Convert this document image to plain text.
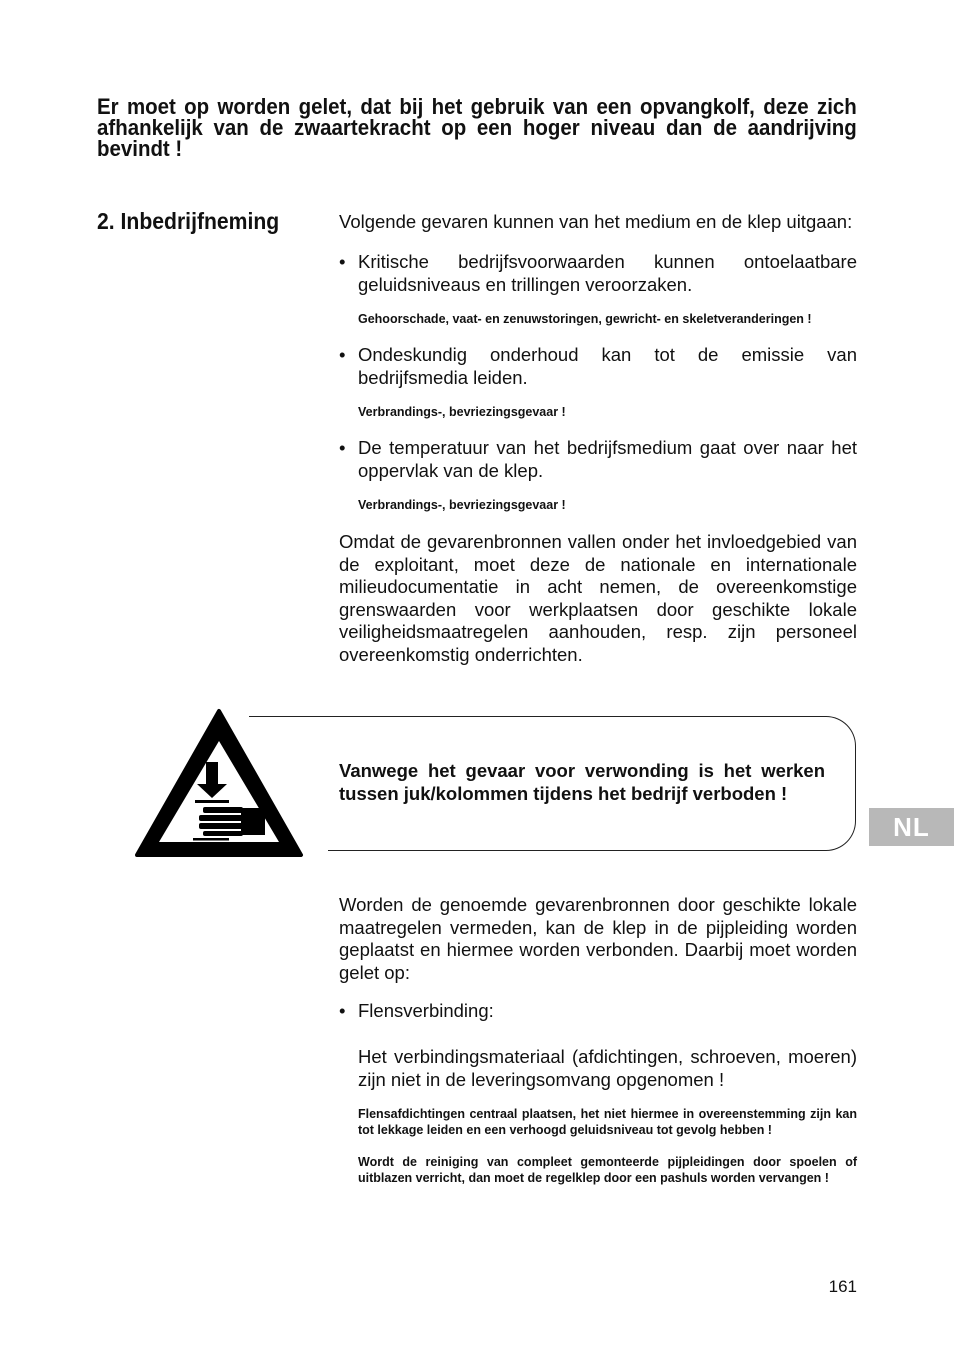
Er moet op worden gelet, dat bij het gebruik van een opvangkolf, deze zich afhankelijk van de zwaartekracht op een hoger niveau dan de aandrijving bevindt !
2. Inbedrijfneming	Volgende gevaren kunnen van het medium en de klep uitgaan:
• Kritische bedrijfsvoorwaarden kunnen ontoelaatbare geluidsniveaus en trillingen veroorzaken.
Gehoorschade, vaat- en zenuwstoringen, gewricht- en skeletveranderingen !
• Ondeskundig onderhoud kan tot de emissie van bedrijfsmedia leiden.
Verbrandings-, bevriezingsgevaar !
• De temperatuur van het bedrijfsmedium gaat over naar het oppervlak van de klep.
Verbrandings-, bevriezingsgevaar !
Omdat de gevarenbronnen vallen onder het invloedgebied van de exploitant, moet deze de nationale en internationale milieudocumentatie in acht nemen, de overeenkomstige grenswaarden voor werkplaatsen door geschikte lokale veiligheidsmaatregelen aanhouden, resp. zijn personeel overeenkomstig onderrichten.
Vanwege het gevaar voor verwonding is het werken tussen juk/kolommen tijdens het bedrijf verboden !
NL
Worden de genoemde gevarenbronnen door geschikte lokale maatregelen vermeden, kan de klep in de pijpleiding worden geplaatst en hiermee worden verbonden. Daarbij moet worden gelet op:
• Flensverbinding:
Het verbindingsmateriaal (afdichtingen, schroeven, moeren) zijn niet in de leveringsomvang opgenomen !
Flensafdichtingen centraal plaatsen, het niet hiermee in overeenstemming zijn kan tot lekkage leiden en een verhoogd geluidsniveau tot gevolg hebben !
Wordt de reiniging van compleet gemonteerde pijpleidingen door spoelen of uitblazen verricht, dan moet de regelklep door een pashuls worden vervangen !
161
